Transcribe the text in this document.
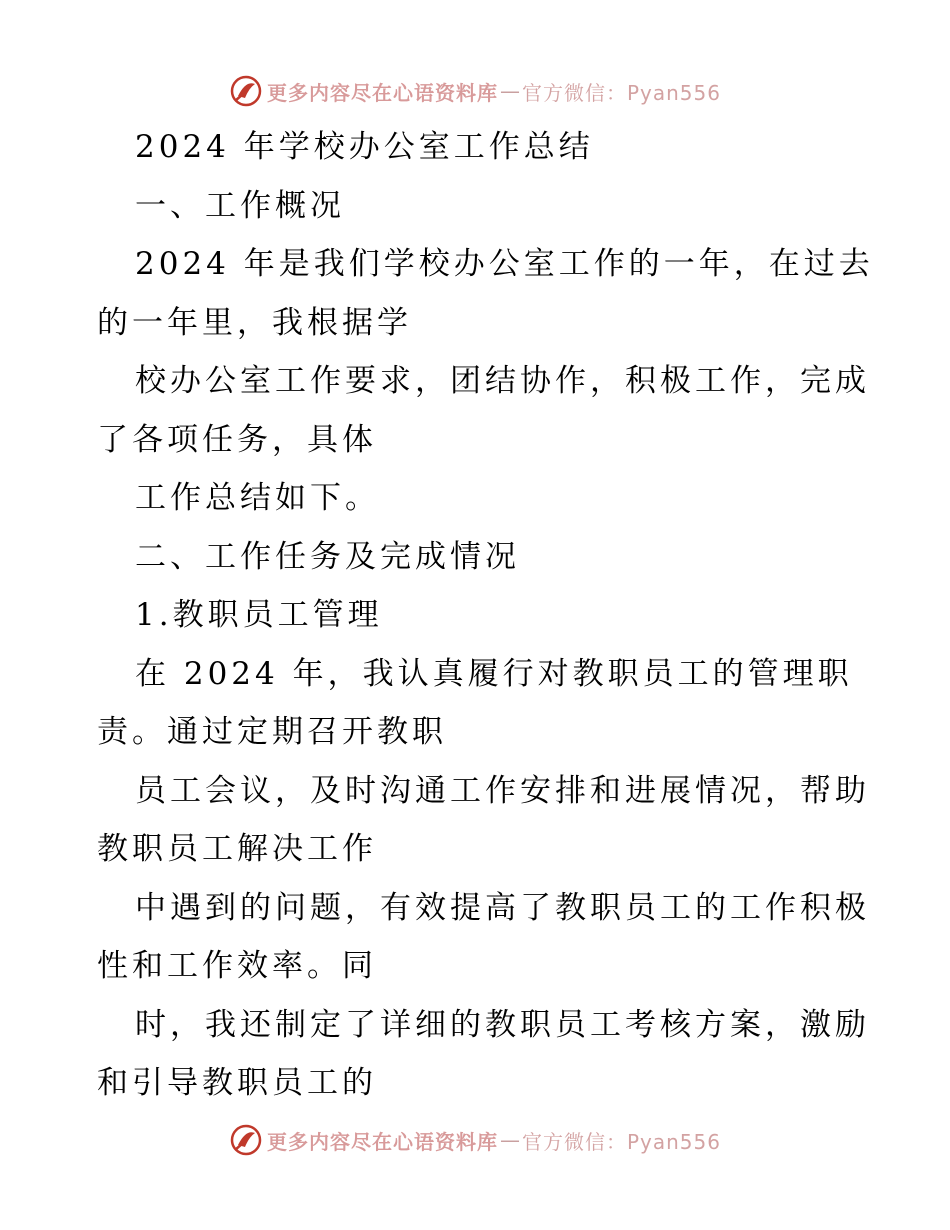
更多内容尽在心语资料库 — 官方微信：Pyan556
2024 年学校办公室工作总结
一、工作概况
2024 年是我们学校办公室工作的一年，在过去
的一年里，我根据学
校办公室工作要求，团结协作，积极工作，完成
了各项任务，具体
工作总结如下。
二、工作任务及完成情况
1.教职员工管理
在 2024 年，我认真履行对教职员工的管理职
责。通过定期召开教职
员工会议，及时沟通工作安排和进展情况，帮助
教职员工解决工作
中遇到的问题，有效提高了教职员工的工作积极
性和工作效率。同
时，我还制定了详细的教职员工考核方案，激励
和引导教职员工的
更多内容尽在心语资料库 — 官方微信：Pyan556
